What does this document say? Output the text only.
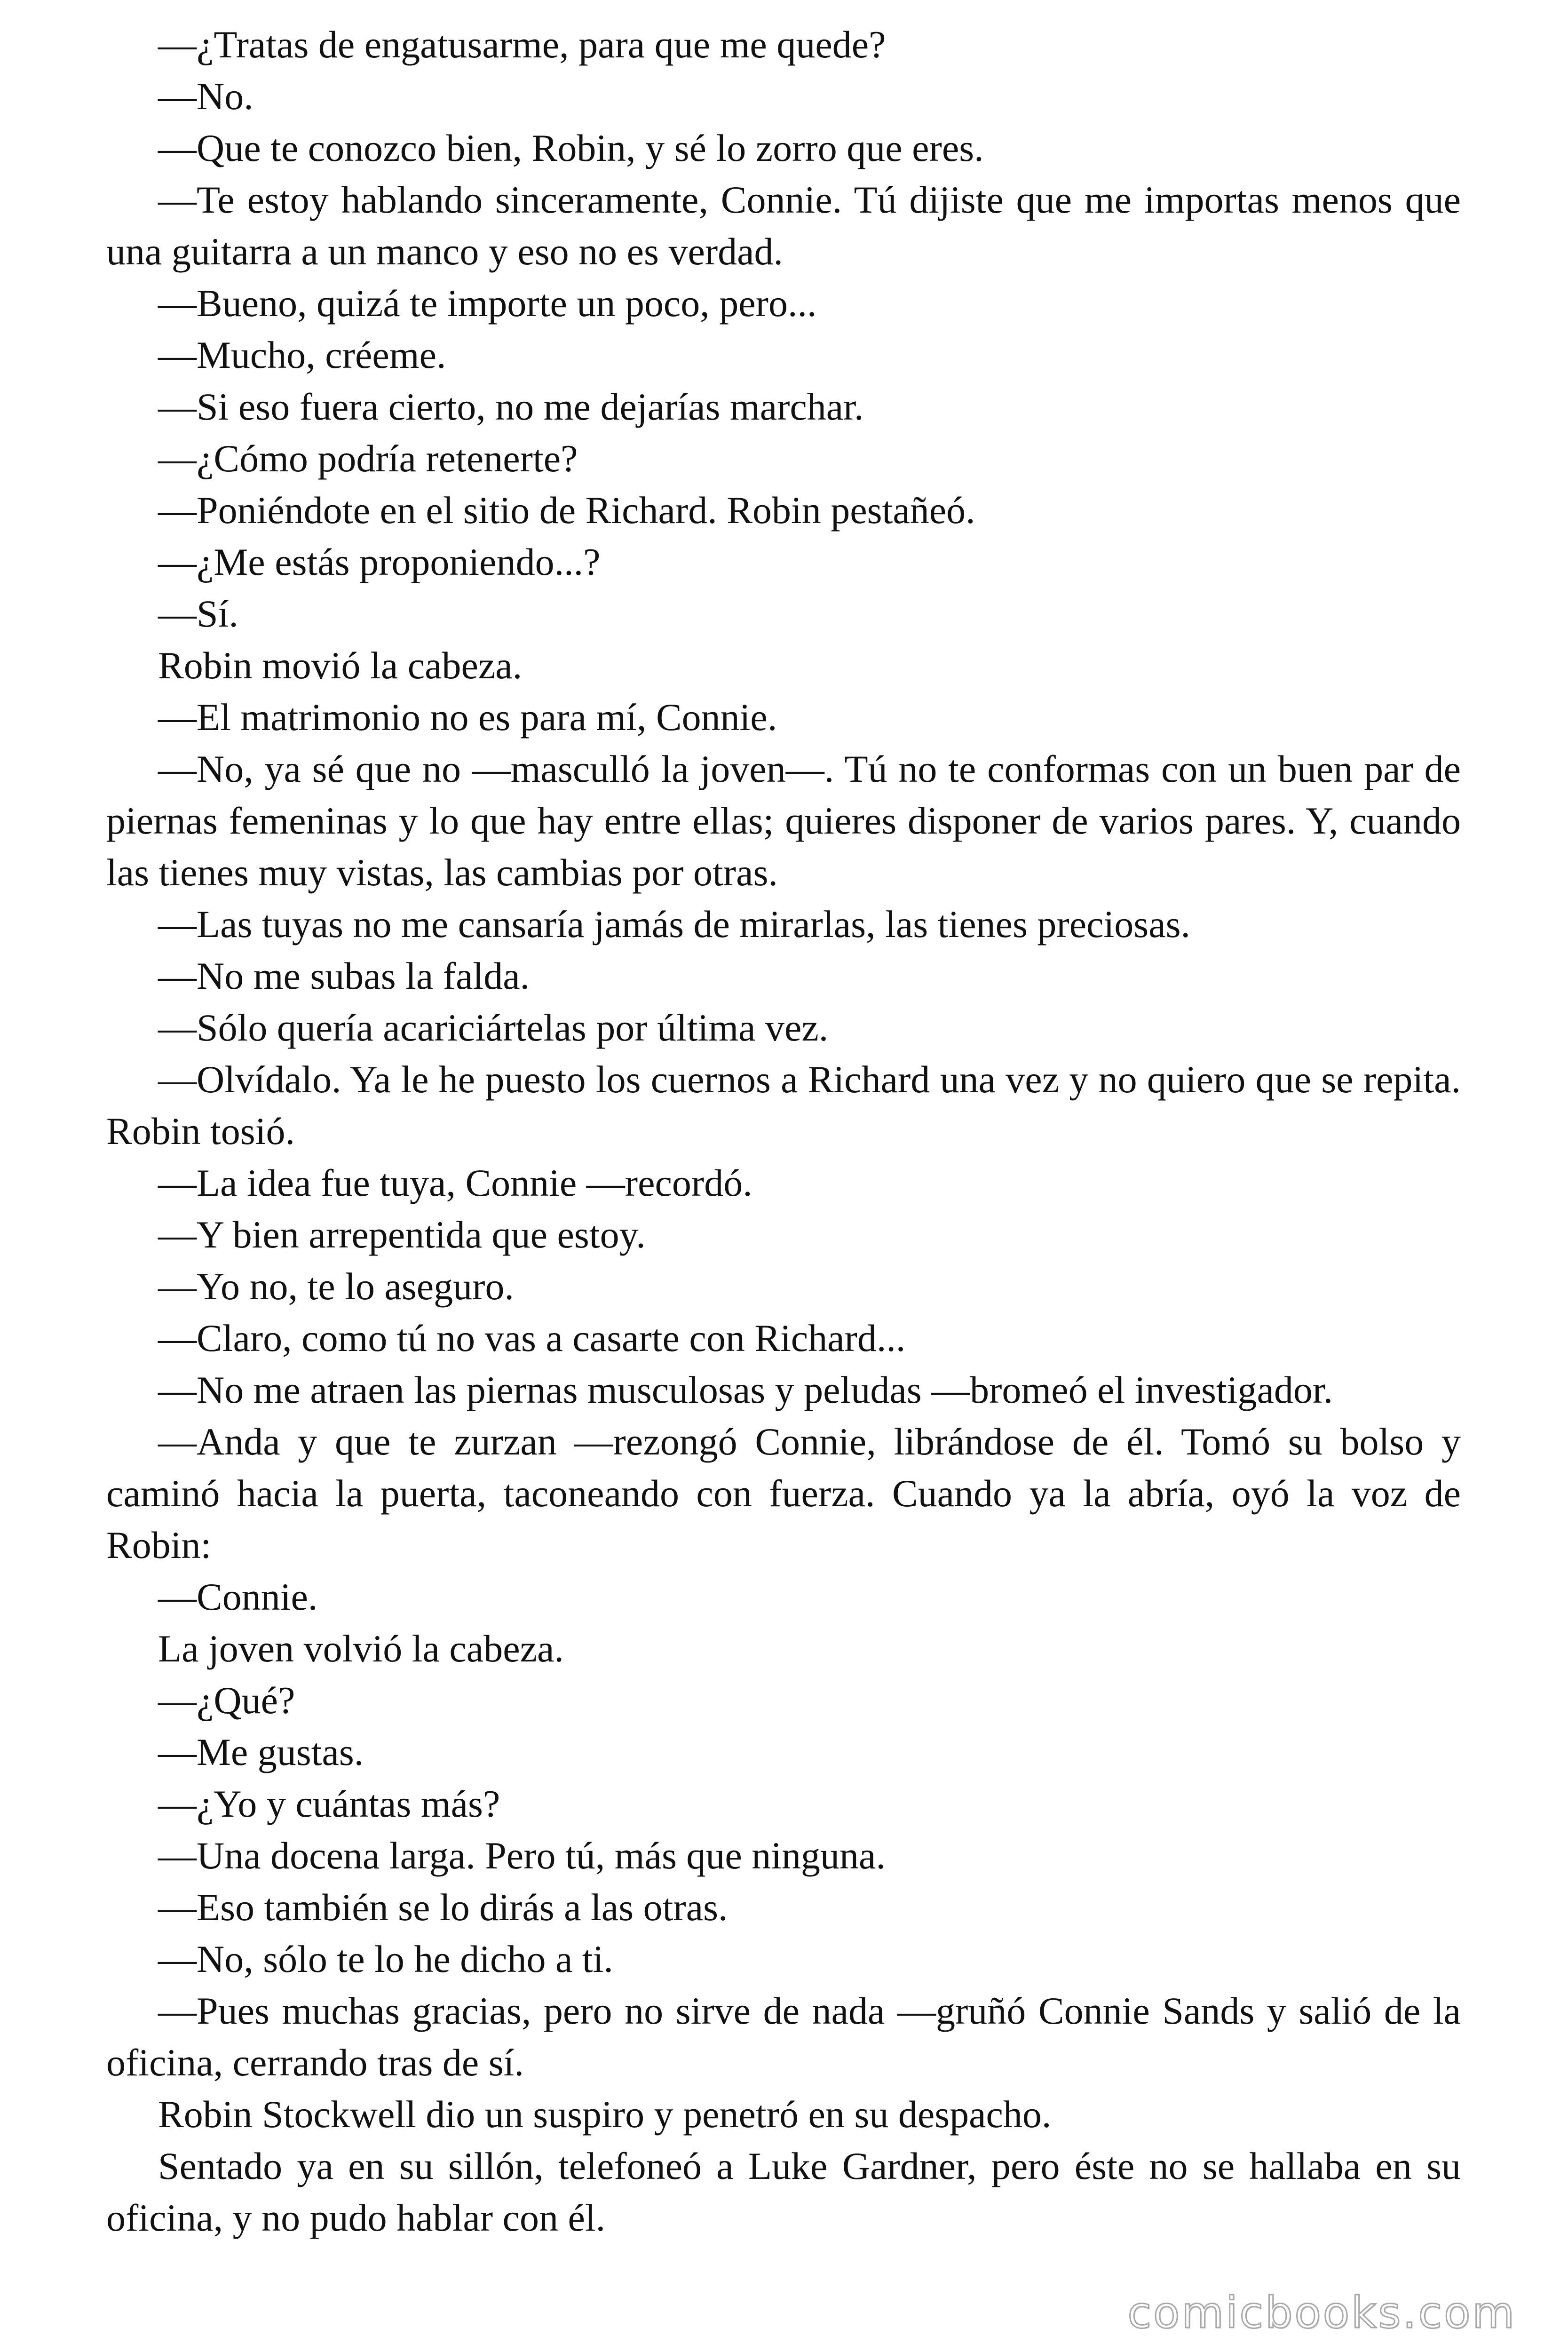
—¿Tratas de engatusarme, para que me quede?

—No.

—Que te conozco bien, Robin, y sé lo zorro que eres.

—Te estoy hablando sinceramente, Connie. Tú dijiste que me importas menos que una guitarra a un manco y eso no es verdad.

—Bueno, quizá te importe un poco, pero...

—Mucho, créeme.

—Si eso fuera cierto, no me dejarías marchar.

—¿Cómo podría retenerte?

—Poniéndote en el sitio de Richard. Robin pestañeó.

—¿Me estás proponiendo...?

—Sí.

Robin movió la cabeza.

—El matrimonio no es para mí, Connie.

—No, ya sé que no —masculló la joven—. Tú no te conformas con un buen par de piernas femeninas y lo que hay entre ellas; quieres disponer de varios pares. Y, cuando las tienes muy vistas, las cambias por otras.

—Las tuyas no me cansaría jamás de mirarlas, las tienes preciosas.

—No me subas la falda.

—Sólo quería acariciártelas por última vez.

—Olvídalo. Ya le he puesto los cuernos a Richard una vez y no quiero que se repita. Robin tosió.

—La idea fue tuya, Connie —recordó.

—Y bien arrepentida que estoy.

—Yo no, te lo aseguro.

—Claro, como tú no vas a casarte con Richard...

—No me atraen las piernas musculosas y peludas —bromeó el investigador.

—Anda y que te zurzan —rezongó Connie, librándose de él. Tomó su bolso y caminó hacia la puerta, taconeando con fuerza. Cuando ya la abría, oyó la voz de Robin:

—Connie.

La joven volvió la cabeza.

—¿Qué?

—Me gustas.

—¿Yo y cuántas más?

—Una docena larga. Pero tú, más que ninguna.

—Eso también se lo dirás a las otras.

—No, sólo te lo he dicho a ti.

—Pues muchas gracias, pero no sirve de nada —gruñó Connie Sands y salió de la oficina, cerrando tras de sí.

Robin Stockwell dio un suspiro y penetró en su despacho.

Sentado ya en su sillón, telefoneó a Luke Gardner, pero éste no se hallaba en su oficina, y no pudo hablar con él.

comicbooks.com
